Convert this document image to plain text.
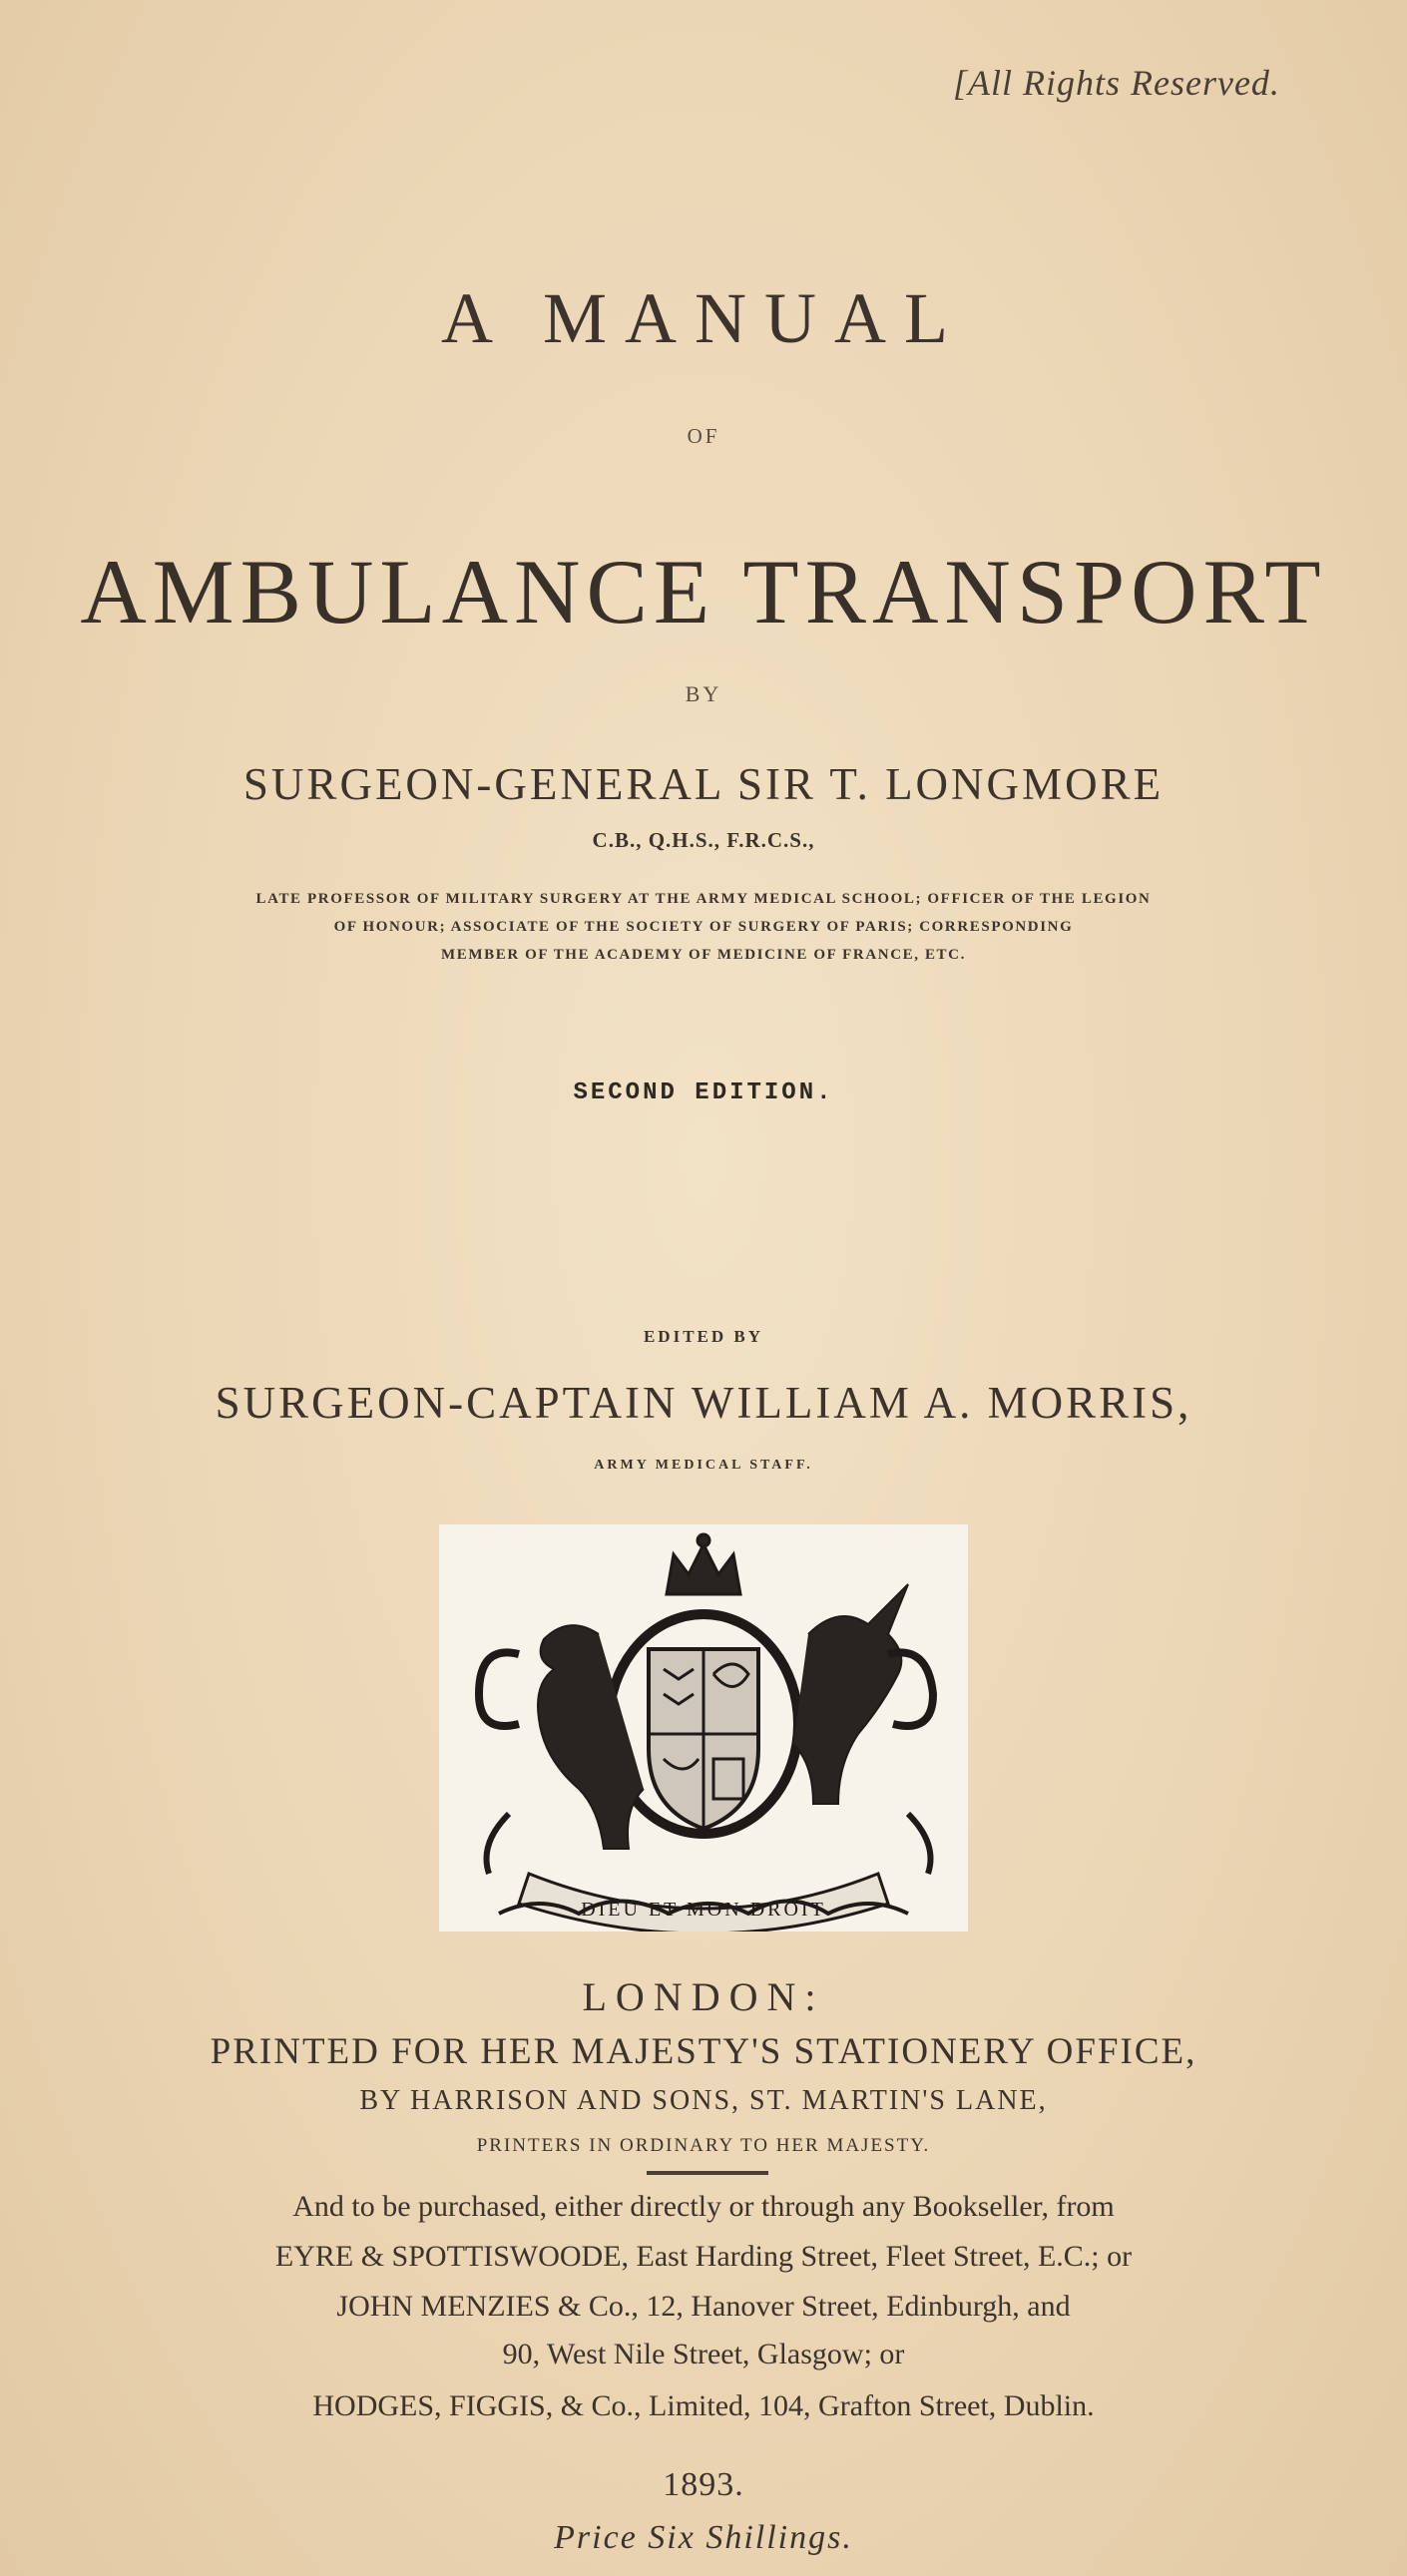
[All Rights Reserved.
A MANUAL
OF
AMBULANCE TRANSPORT
BY
SURGEON-GENERAL SIR T. LONGMORE
C.B., Q.H.S., F.R.C.S.,
LATE PROFESSOR OF MILITARY SURGERY AT THE ARMY MEDICAL SCHOOL; OFFICER OF THE LEGION
OF HONOUR; ASSOCIATE OF THE SOCIETY OF SURGERY OF PARIS; CORRESPONDING
MEMBER OF THE ACADEMY OF MEDICINE OF FRANCE, ETC.
SECOND EDITION.
EDITED BY
SURGEON-CAPTAIN WILLIAM A. MORRIS,
ARMY MEDICAL STAFF.
DIEU ET MON DROIT
LONDON:
PRINTED FOR HER MAJESTY'S STATIONERY OFFICE,
BY HARRISON AND SONS, ST. MARTIN'S LANE,
PRINTERS IN ORDINARY TO HER MAJESTY.
And to be purchased, either directly or through any Bookseller, from
EYRE & SPOTTISWOODE, East Harding Street, Fleet Street, E.C.; or
JOHN MENZIES & Co., 12, Hanover Street, Edinburgh, and
90, West Nile Street, Glasgow; or
HODGES, FIGGIS, & Co., Limited, 104, Grafton Street, Dublin.
1893.
Price Six Shillings.
